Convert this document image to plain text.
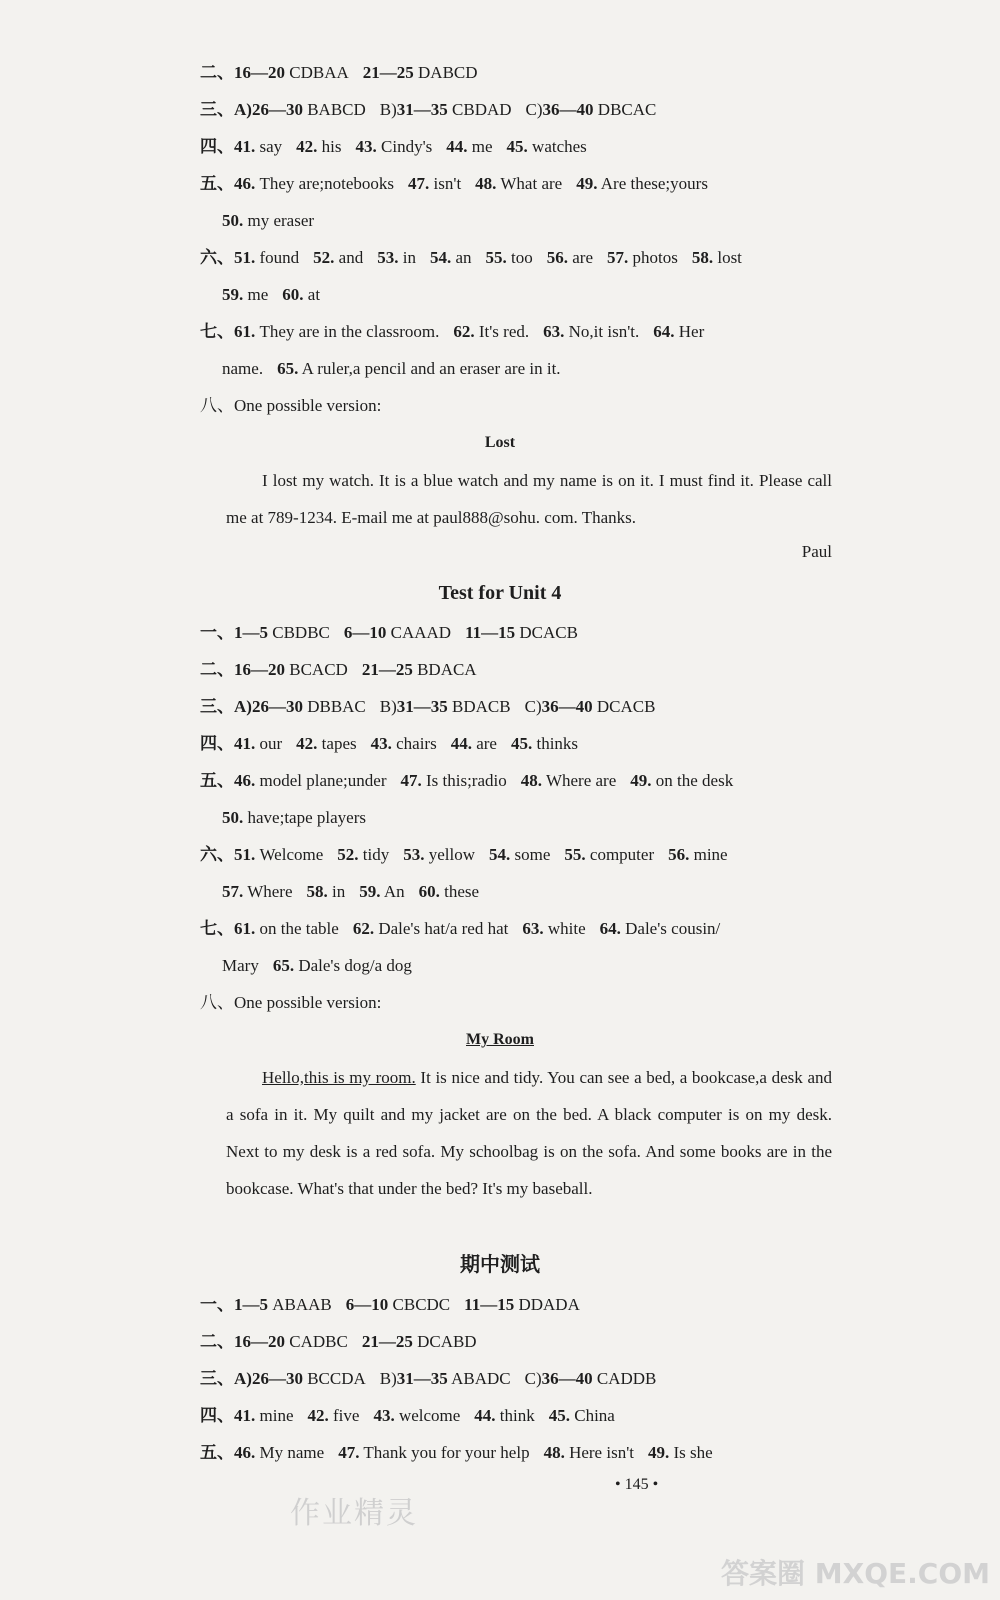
二、16—20 CDBAA 21—25 DABCD
三、A)26—30 BABCD B)31—35 CBDAD C)36—40 DBCAC
四、41. say 42. his 43. Cindy's 44. me 45. watches
五、46. They are;notebooks 47. isn't 48. What are 49. Are these;yours
50. my eraser
六、51. found 52. and 53. in 54. an 55. too 56. are 57. photos 58. lost
59. me 60. at
七、61. They are in the classroom. 62. It's red. 63. No,it isn't. 64. Her
name. 65. A ruler,a pencil and an eraser are in it.
八、One possible version:
Lost

I lost my watch. It is a blue watch and my name is on it. I must find it. Please call me at 789-1234. E-mail me at paul888@sohu. com. Thanks.

Paul
Test for Unit 4
一、1—5 CBDBC 6—10 CAAAD 11—15 DCACB
二、16—20 BCACD 21—25 BDACA
三、A)26—30 DBBAC B)31—35 BDACB C)36—40 DCACB
四、41. our 42. tapes 43. chairs 44. are 45. thinks
五、46. model plane;under 47. Is this;radio 48. Where are 49. on the desk
50. have;tape players
六、51. Welcome 52. tidy 53. yellow 54. some 55. computer 56. mine
57. Where 58. in 59. An 60. these
七、61. on the table 62. Dale's hat/a red hat 63. white 64. Dale's cousin/
Mary 65. Dale's dog/a dog
八、One possible version:
My Room

Hello,this is my room. It is nice and tidy. You can see a bed, a bookcase,a desk and a sofa in it. My quilt and my jacket are on the bed. A black computer is on my desk. Next to my desk is a red sofa. My schoolbag is on the sofa. And some books are in the bookcase. What's that under the bed? It's my baseball.

期中测试
一、1—5 ABAAB 6—10 CBCDC 11—15 DDADA
二、16—20 CADBC 21—25 DCABD
三、A)26—30 BCCDA B)31—35 ABADC C)36—40 CADDB
四、41. mine 42. five 43. welcome 44. think 45. China
五、46. My name 47. Thank you for your help 48. Here isn't 49. Is she
• 145 •
作业精灵
答案圈 MXQE.COM
